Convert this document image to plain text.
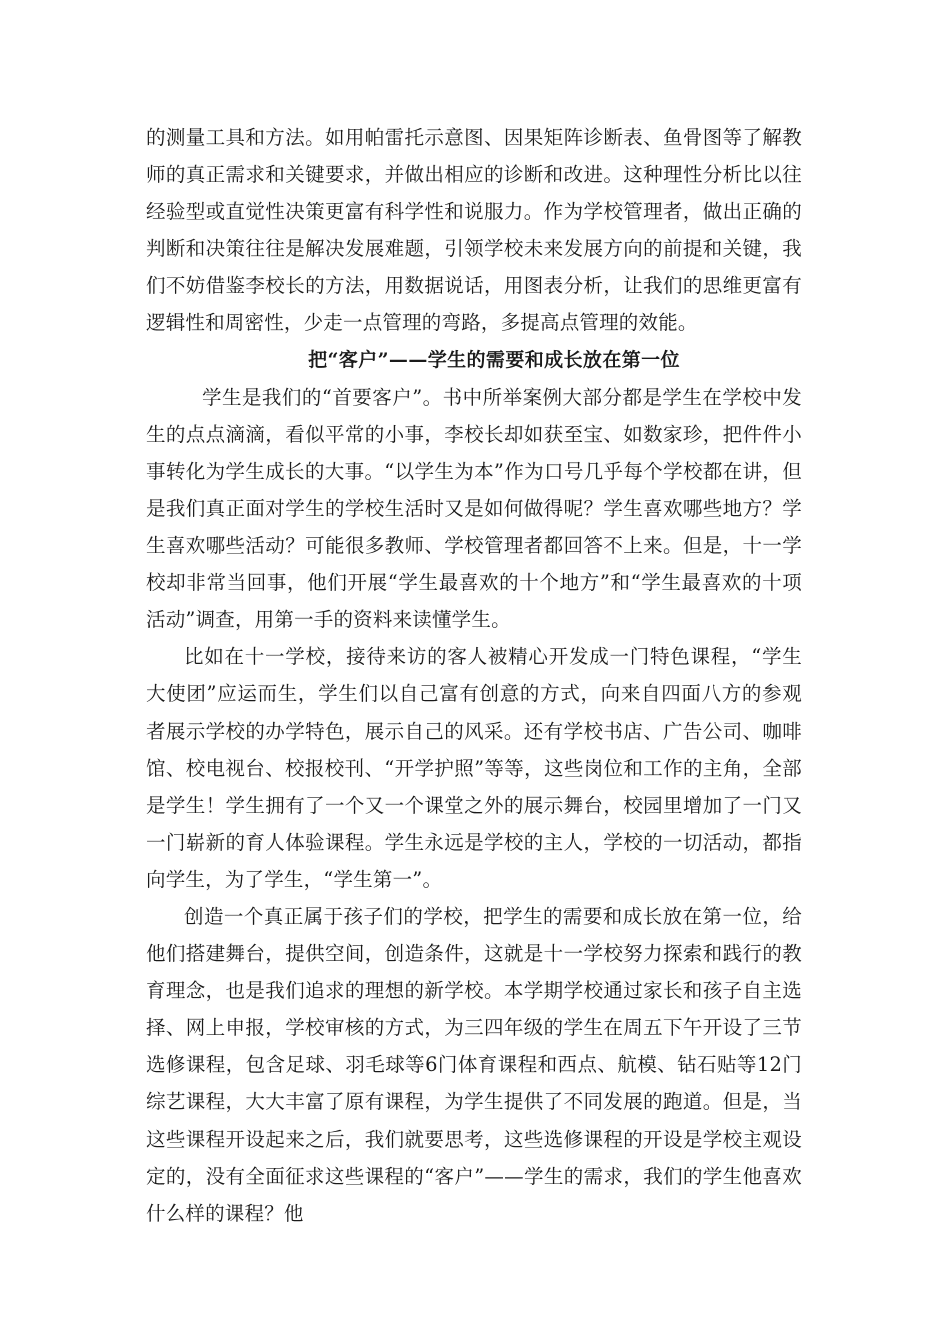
的测量工具和方法。如用帕雷托示意图、因果矩阵诊断表、鱼骨图等了解教师的真正需求和关键要求，并做出相应的诊断和改进。这种理性分析比以往经验型或直觉性决策更富有科学性和说服力。作为学校管理者，做出正确的判断和决策往往是解决发展难题，引领学校未来发展方向的前提和关键，我们不妨借鉴李校长的方法，用数据说话，用图表分析，让我们的思维更富有逻辑性和周密性，少走一点管理的弯路，多提高点管理的效能。

把“客户”——学生的需要和成长放在第一位

学生是我们的“首要客户”。书中所举案例大部分都是学生在学校中发生的点点滴滴，看似平常的小事，李校长却如获至宝、如数家珍，把件件小事转化为学生成长的大事。“以学生为本”作为口号几乎每个学校都在讲，但是我们真正面对学生的学校生活时又是如何做得呢？学生喜欢哪些地方？学生喜欢哪些活动？可能很多教师、学校管理者都回答不上来。但是，十一学校却非常当回事，他们开展“学生最喜欢的十个地方”和“学生最喜欢的十项活动”调查，用第一手的资料来读懂学生。

比如在十一学校，接待来访的客人被精心开发成一门特色课程，“学生大使团”应运而生，学生们以自己富有创意的方式，向来自四面八方的参观者展示学校的办学特色，展示自己的风采。还有学校书店、广告公司、咖啡馆、校电视台、校报校刊、“开学护照”等等，这些岗位和工作的主角，全部是学生！学生拥有了一个又一个课堂之外的展示舞台，校园里增加了一门又一门崭新的育人体验课程。学生永远是学校的主人，学校的一切活动，都指向学生，为了学生，“学生第一”。

创造一个真正属于孩子们的学校，把学生的需要和成长放在第一位，给他们搭建舞台，提供空间，创造条件，这就是十一学校努力探索和践行的教育理念，也是我们追求的理想的新学校。本学期学校通过家长和孩子自主选择、网上申报，学校审核的方式，为三四年级的学生在周五下午开设了三节选修课程，包含足球、羽毛球等6门体育课程和西点、航模、钻石贴等12门综艺课程，大大丰富了原有课程，为学生提供了不同发展的跑道。但是，当这些课程开设起来之后，我们就要思考，这些选修课程的开设是学校主观设定的，没有全面征求这些课程的“客户”——学生的需求，我们的学生他喜欢什么样的课程？他
